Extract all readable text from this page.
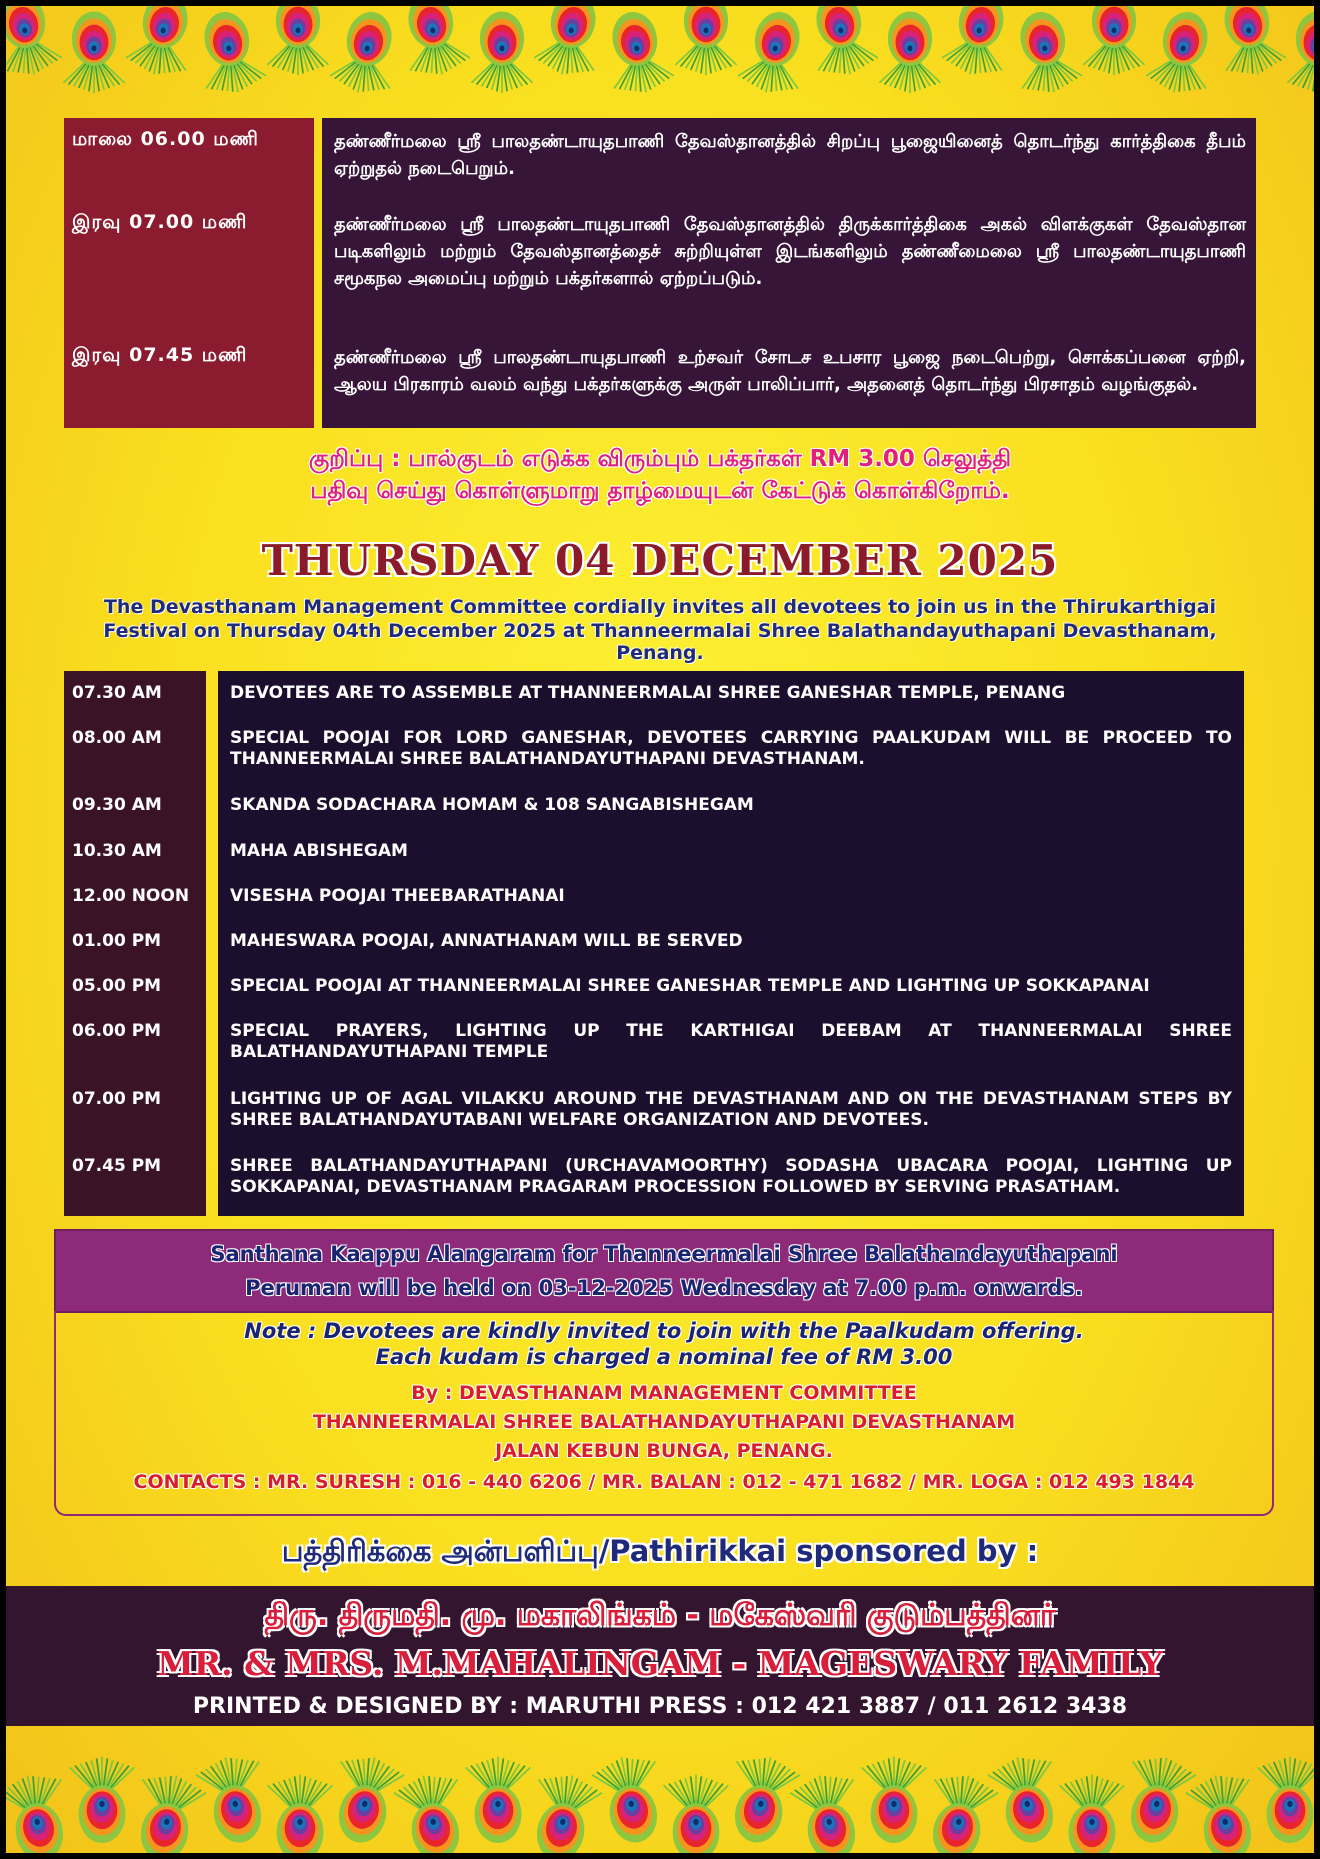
மாலை 06.00 மணி	தண்ணீர்மலை ஸ்ரீ பாலதண்டாயுதபாணி தேவஸ்தானத்தில் சிறப்பு பூஜையினைத் தொடர்ந்து கார்த்திகை தீபம் ஏற்றுதல் நடைபெறும்.
இரவு 07.00 மணி	தண்ணீர்மலை ஸ்ரீ பாலதண்டாயுதபாணி தேவஸ்தானத்தில் திருக்கார்த்திகை அகல் விளக்குகள் தேவஸ்தான படிகளிலும் மற்றும் தேவஸ்தானத்தைச் சுற்றியுள்ள இடங்களிலும் தண்ணீமைலை ஸ்ரீ பாலதண்டாயுதபாணி சமூகநல அமைப்பு மற்றும் பக்தர்களால் ஏற்றப்படும்.
இரவு 07.45 மணி	தண்ணீர்மலை ஸ்ரீ பாலதண்டாயுதபாணி உற்சவர் சோடச உபசார பூஜை நடைபெற்று, சொக்கப்பனை ஏற்றி, ஆலய பிரகாரம் வலம் வந்து பக்தர்களுக்கு அருள் பாலிப்பார், அதனைத் தொடர்ந்து பிரசாதம் வழங்குதல்.
குறிப்பு : பால்குடம் எடுக்க விரும்பும் பக்தர்கள் RM 3.00 செலுத்தி
பதிவு செய்து கொள்ளுமாறு தாழ்மையுடன் கேட்டுக் கொள்கிறோம்.
THURSDAY 04 DECEMBER 2025
The Devasthanam Management Committee cordially invites all devotees to join us in the Thirukarthigai
Festival on Thursday 04th December 2025 at Thanneermalai Shree Balathandayuthapani Devasthanam, Penang.
07.30 AM	DEVOTEES ARE TO ASSEMBLE AT THANNEERMALAI SHREE GANESHAR TEMPLE, PENANG
08.00 AM	SPECIAL POOJAI FOR LORD GANESHAR, DEVOTEES CARRYING PAALKUDAM WILL BE PROCEED TO THANNEERMALAI SHREE BALATHANDAYUTHAPANI DEVASTHANAM.
09.30 AM	SKANDA SODACHARA HOMAM & 108 SANGABISHEGAM
10.30 AM	MAHA ABISHEGAM
12.00 NOON	VISESHA POOJAI THEEBARATHANAI
01.00 PM	MAHESWARA POOJAI, ANNATHANAM WILL BE SERVED
05.00 PM	SPECIAL POOJAI AT THANNEERMALAI SHREE GANESHAR TEMPLE AND LIGHTING UP SOKKAPANAI
06.00 PM	SPECIAL PRAYERS, LIGHTING UP THE KARTHIGAI DEEBAM AT THANNEERMALAI SHREE BALATHANDAYUTHAPANI TEMPLE
07.00 PM	LIGHTING UP OF AGAL VILAKKU AROUND THE DEVASTHANAM AND ON THE DEVASTHANAM STEPS BY SHREE BALATHANDAYUTABANI WELFARE ORGANIZATION AND DEVOTEES.
07.45 PM	SHREE BALATHANDAYUTHAPANI (URCHAVAMOORTHY) SODASHA UBACARA POOJAI, LIGHTING UP SOKKAPANAI, DEVASTHANAM PRAGARAM PROCESSION FOLLOWED BY SERVING PRASATHAM.
Santhana Kaappu Alangaram for Thanneermalai Shree Balathandayuthapani
Peruman will be held on 03-12-2025 Wednesday at 7.00 p.m. onwards.
Note : Devotees are kindly invited to join with the Paalkudam offering.
Each kudam is charged a nominal fee of RM 3.00
By : DEVASTHANAM MANAGEMENT COMMITTEE
THANNEERMALAI SHREE BALATHANDAYUTHAPANI DEVASTHANAM
JALAN KEBUN BUNGA, PENANG.
CONTACTS : MR. SURESH : 016 - 440 6206 / MR. BALAN : 012 - 471 1682 / MR. LOGA : 012 493 1844
பத்திரிக்கை அன்பளிப்பு/Pathirikkai sponsored by :
திரு. திருமதி. மு. மகாலிங்கம் - மகேஸ்வரி குடும்பத்தினர்
MR. & MRS. M.MAHALINGAM - MAGESWARY FAMILY
PRINTED & DESIGNED BY : MARUTHI PRESS : 012 421 3887 / 011 2612 3438
